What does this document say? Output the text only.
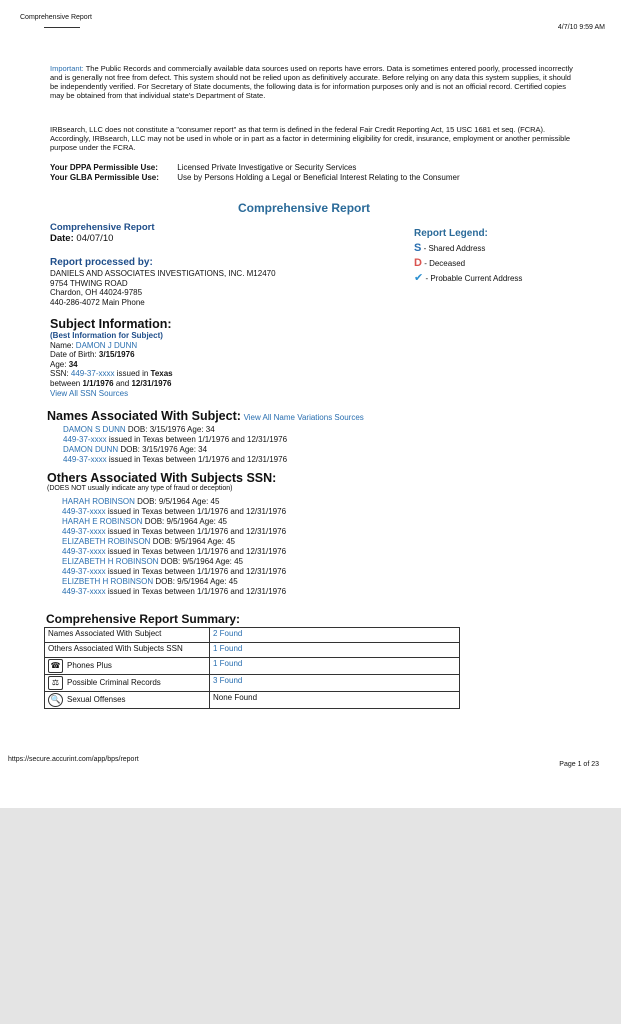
Comprehensive Report
4/7/10 9:59 AM
Important: The Public Records and commercially available data sources used on reports have errors. Data is sometimes entered poorly, processed incorrectly and is generally not free from defect. This system should not be relied upon as definitively accurate. Before relying on any data this system supplies, it should be independently verified. For Secretary of State documents, the following data is for information purposes only and is not an official record. Certified copies may be obtained from that individual state's Department of State.
IRBsearch, LLC does not constitute a "consumer report" as that term is defined in the federal Fair Credit Reporting Act, 15 USC 1681 et seq. (FCRA). Accordingly, IRBsearch, LLC may not be used in whole or in part as a factor in determining eligibility for credit, insurance, employment or another permissible purpose under the FCRA.
Your DPPA Permissible Use: Licensed Private Investigative or Security Services
Your GLBA Permissible Use: Use by Persons Holding a Legal or Beneficial Interest Relating to the Consumer
Comprehensive Report
Comprehensive Report
Date: 04/07/10	Report Legend:
S - Shared Address
D - Deceased
✔ - Probable Current Address
Report processed by:
DANIELS AND ASSOCIATES INVESTIGATIONS, INC. M12470
9754 THWING ROAD
Chardon, OH 44024-9785
440-286-4072 Main Phone
Subject Information:
(Best Information for Subject)
Name: DAMON J DUNN
Date of Birth: 3/15/1976
Age: 34
SSN: 449-37-xxxx issued in Texas
between 1/1/1976 and 12/31/1976
View All SSN Sources
Names Associated With Subject: View All Name Variations Sources
DAMON S DUNN DOB: 3/15/1976 Age: 34
449-37-xxxx issued in Texas between 1/1/1976 and 12/31/1976
DAMON DUNN DOB: 3/15/1976 Age: 34
449-37-xxxx issued in Texas between 1/1/1976 and 12/31/1976
Others Associated With Subjects SSN:
(DOES NOT usually indicate any type of fraud or deception)
HARAH ROBINSON DOB: 9/5/1964 Age: 45
449-37-xxxx issued in Texas between 1/1/1976 and 12/31/1976
HARAH E ROBINSON DOB: 9/5/1964 Age: 45
449-37-xxxx issued in Texas between 1/1/1976 and 12/31/1976
ELIZABETH ROBINSON DOB: 9/5/1964 Age: 45
449-37-xxxx issued in Texas between 1/1/1976 and 12/31/1976
ELIZABETH H ROBINSON DOB: 9/5/1964 Age: 45
449-37-xxxx issued in Texas between 1/1/1976 and 12/31/1976
ELIZBETH H ROBINSON DOB: 9/5/1964 Age: 45
449-37-xxxx issued in Texas between 1/1/1976 and 12/31/1976
Comprehensive Report Summary:
Names Associated With Subject	2 Found
Others Associated With Subjects SSN	1 Found
☎ Phones Plus	1 Found
⚖ Possible Criminal Records	3 Found
🔍 Sexual Offenses	None Found
https://secure.accurint.com/app/bps/report
Page 1 of 23
